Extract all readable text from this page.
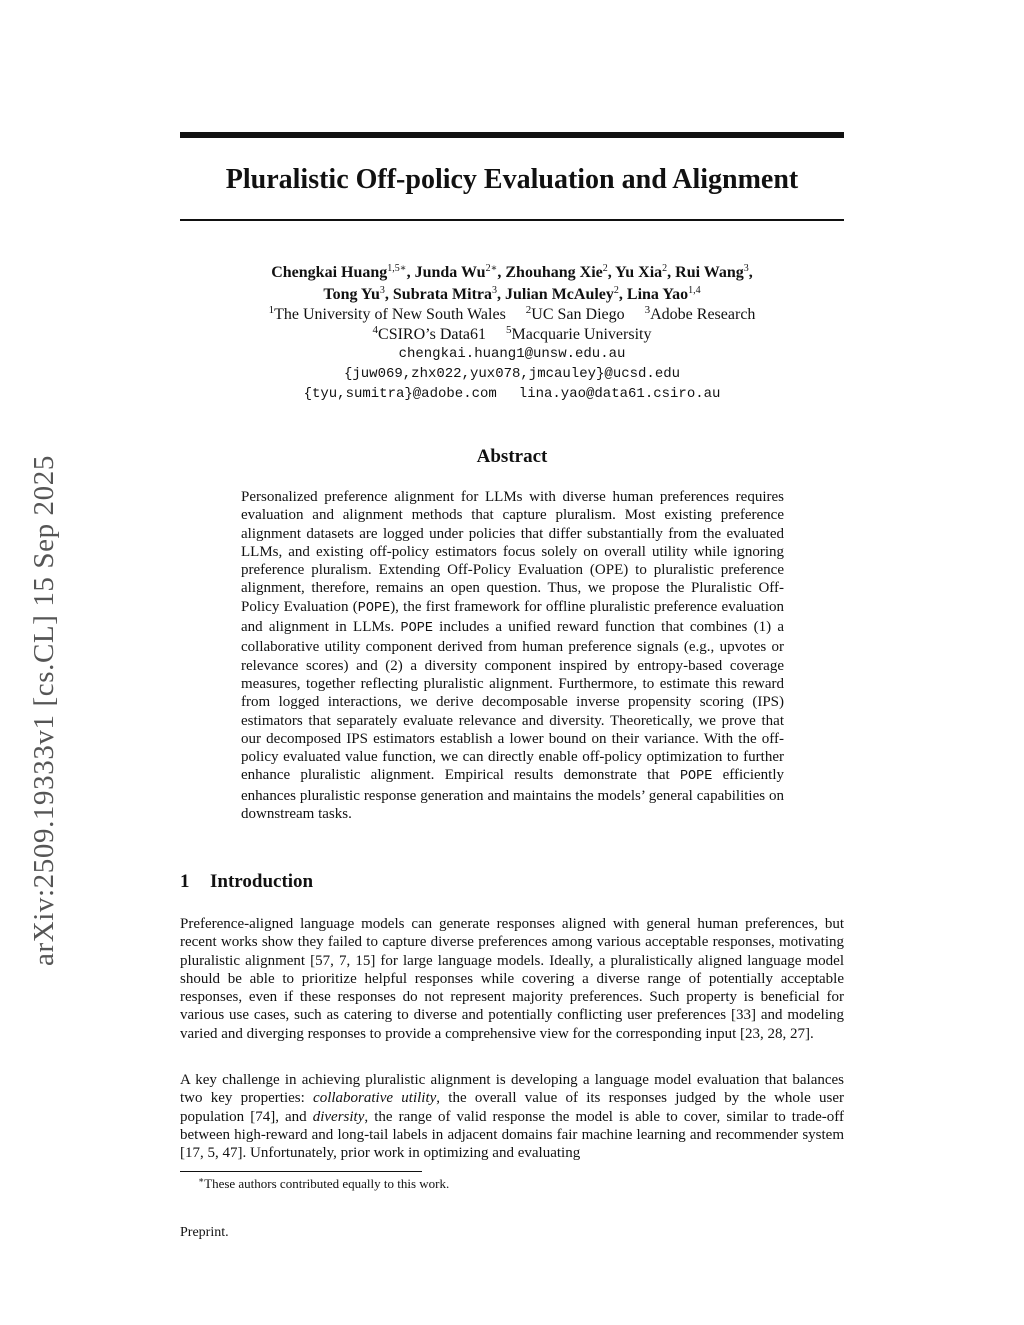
arXiv:2509.19333v1 [cs.CL] 15 Sep 2025
Pluralistic Off-policy Evaluation and Alignment
Chengkai Huang$^{1,5∗}$, Junda $Wu^{2∗}$, Zhouhang Xie$^2$, Yu Xia$^2$, Rui Wang$^3$,
Tong Yu$^3$, Subrata Mitra$^3$, Julian McAuley$^2$, Lina Yao$^{1,4}$
$^1$The University of New South Wales $^2$UC San Diego $^3$Adobe Research
$^4$CSIRO’s Data61 $^5$Macquarie University
chengkai.huang1@unsw.edu.au
{juw069,zhx022,yux078,jmcauley}@ucsd.edu
{tyu,sumitra}@adobe.com lina.yao@data61.csiro.au
Abstract
Personalized preference alignment for LLMs with diverse human preferences requires evaluation and alignment methods that capture pluralism. Most existing preference alignment datasets are logged under policies that differ substantially from the evaluated LLMs, and existing off-policy estimators focus solely on overall utility while ignoring preference pluralism. Extending Off-Policy Evaluation (OPE) to pluralistic preference alignment, therefore, remains an open question. Thus, we propose the Pluralistic Off-Policy Evaluation (POPE), the first framework for offline pluralistic preference evaluation and alignment in LLMs. POPE includes a unified reward function that combines (1) a collaborative utility component derived from human preference signals (e.g., upvotes or relevance scores) and (2) a diversity component inspired by entropy-based coverage measures, together reflecting pluralistic alignment. Furthermore, to estimate this reward from logged interactions, we derive decomposable inverse propensity scoring (IPS) estimators that separately evaluate relevance and diversity. Theoretically, we prove that our decomposed IPS estimators establish a lower bound on their variance. With the off-policy evaluated value function, we can directly enable off-policy optimization to further enhance pluralistic alignment. Empirical results demonstrate that POPE efficiently enhances pluralistic response generation and maintains the models’ general capabilities on downstream tasks.
1 Introduction
Preference-aligned language models can generate responses aligned with general human preferences, but recent works show they failed to capture diverse preferences among various acceptable responses, motivating pluralistic alignment [57, 7, 15] for large language models. Ideally, a pluralistically aligned language model should be able to prioritize helpful responses while covering a diverse range of potentially acceptable responses, even if these responses do not represent majority preferences. Such property is beneficial for various use cases, such as catering to diverse and potentially conflicting user preferences [33] and modeling varied and diverging responses to provide a comprehensive view for the corresponding input [23, 28, 27].
A key challenge in achieving pluralistic alignment is developing a language model evaluation that balances two key properties: collaborative utility, the overall value of its responses judged by the whole user population [74], and diversity, the range of valid response the model is able to cover, similar to trade-off between high-reward and long-tail labels in adjacent domains fair machine learning and recommender system [17, 5, 47]. Unfortunately, prior work in optimizing and evaluating
∗These authors contributed equally to this work.
Preprint.
